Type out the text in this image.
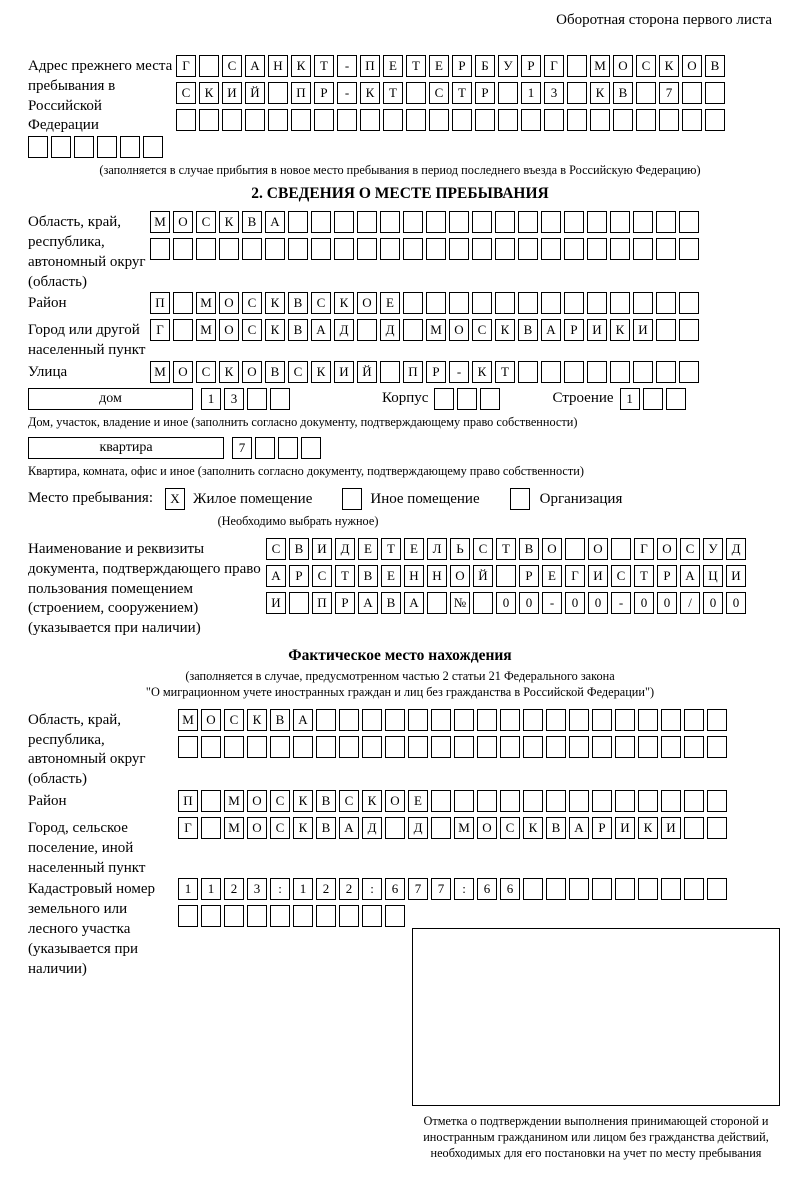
Оборотная сторона первого листа
Адрес прежнего места пребывания в Российской Федерации
Г	С	А	Н	К	Т	-	П	Е	Т	Е	Р	Б	У	Р	Г	М О	С	К	О	В
С	К	И	Й	П	Р	-	К	Т	С	Т	Р	1	3	К	В	7
(заполняется в случае прибытия в новое место пребывания в период последнего въезда в Российскую Федерацию)
2. СВЕДЕНИЯ О МЕСТЕ ПРЕБЫВАНИЯ
Область, край, республика, автономный округ (область)
М О	С	К	В	А
Район	П	М О	С	К	В	С	К	О	Е
Город или другой населенный пункт
Г	М О	С	К	В	А	Д	Д	М О	С	К	В	А	Р	И	К	И
Улица	М О	С	К	О	В	С	К	И	Й	П	Р	-	К	Т
дом	1	3	Корпус	Строение 1
Дом, участок, владение и иное (заполнить согласно документу, подтверждающему право собственности)
квартира	7
Квартира, комната, офис и иное (заполнить согласно документу, подтверждающему право собственности)
Место пребывания:	X Жилое помещение	Иное помещение	Организация
(Необходимо выбрать нужное)
Наименование и реквизиты документа, подтверждающего право пользования помещением (строением, сооружением) (указывается при наличии)
С	В	И	Д	Е	Т	Е	Л	Ь	С	Т	В	О	О	Г	О	С	У	Д
А	Р	С	Т	В	Е	Н	Н	О	Й	Р	Е	Г	И	С	Т	Р	А	Ц	И
И	П	Р	А	В	А	№	0	0	-	0	0	-	0	0	/	0	0
Фактическое место нахождения
(заполняется в случае, предусмотренном частью 2 статьи 21 Федерального закона
"О миграционном учете иностранных граждан и лиц без гражданства в Российской Федерации")
Область, край, республика, автономный округ (область)
М О	С	К	В	А
Район	П	М О	С	К	В	С	К	О	Е
Город, сельское поселение, иной населенный пункт
Г	М О	С	К	В	А	Д	Д	М О	С	К	В	А	Р	И	К	И
Кадастровый номер земельного или лесного участка (указывается при наличии)
1	1	2	3	:	1	2	2	:	6	7	7	:	6	6
Отметка о подтверждении выполнения принимающей стороной и иностранным гражданином или лицом без гражданства действий, необходимых для его постановки на учет по месту пребывания
